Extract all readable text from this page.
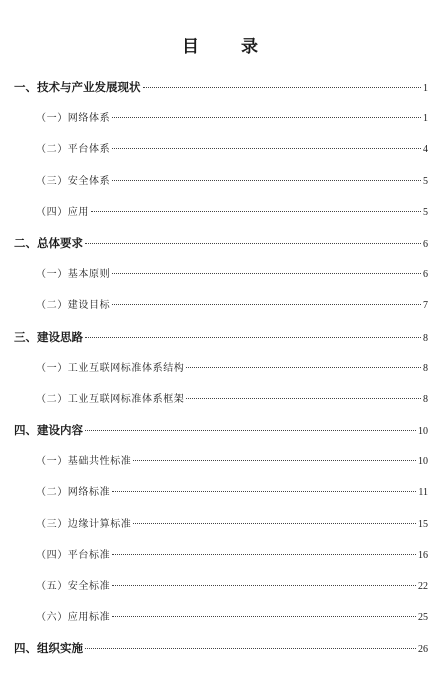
目 录
一、技术与产业发展现状	1
（一）网络体系	1
（二）平台体系	4
（三）安全体系	5
（四）应用	5
二、总体要求	6
（一）基本原则	6
（二）建设目标	7
三、建设思路	8
（一）工业互联网标准体系结构	8
（二）工业互联网标准体系框架	8
四、建设内容	10
（一）基础共性标准	10
（二）网络标准	11
（三）边缘计算标准	15
（四）平台标准	16
（五）安全标准	22
（六）应用标准	25
四、组织实施	26
